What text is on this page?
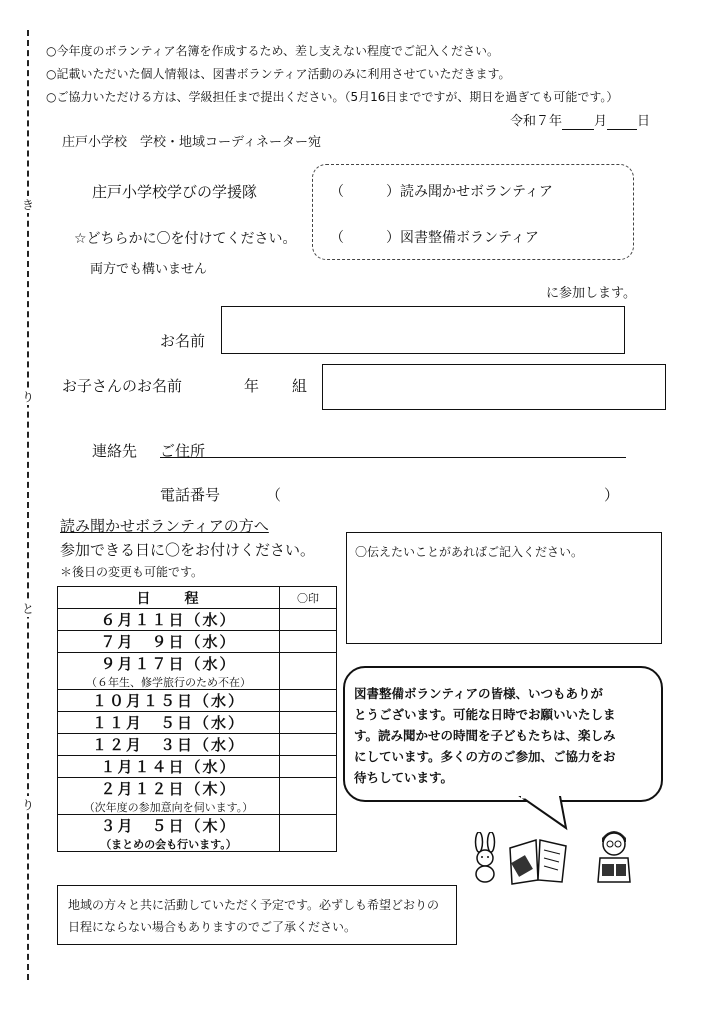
き
り
と
り
○今年度のボランティア名簿を作成するため、差し支えない程度でご記入ください。
○記載いただいた個人情報は、図書ボランティア活動のみに利用させていただきます。
○ご協力いただける方は、学級担任まで提出ください。（5月16日までですが、期日を過ぎても可能です。）
令和７年 月 日
庄戸小学校　学校・地域コーディネーター宛
庄戸小学校学びの学援隊
☆どちらかに〇を付けてください。
両方でも構いません
（　　　）読み聞かせボランティア
（　　　）図書整備ボランティア
に参加します。
お名前
お子さんのお名前	年 組
連絡先 ご住所
電話番号	（	）
読み聞かせボランティアの方へ
参加できる日に〇をお付けください。
＊後日の変更も可能です。
日　　程	〇印
６月１１日（水）	
７月　９日（水）	

９月１７日（水）
（６年生、修学旅行のため不在）	

１０月１５日（水）	
１１月　５日（水）	
１２月　３日（水）	
１月１４日（水）	

２月１２日（木）
（次年度の参加意向を伺います。）	

３月　５日（木）
（まとめの会も行います。）	

〇伝えたいことがあればご記入ください。
図書整備ボランティアの皆様、いつもありが
とうございます。可能な日時でお願いいたしま
す。読み聞かせの時間を子どもたちは、楽しみ
にしています。多くの方のご参加、ご協力をお
待ちしています。
地域の方々と共に活動していただく予定です。必ずしも希望どおりの
日程にならない場合もありますのでご了承ください。
